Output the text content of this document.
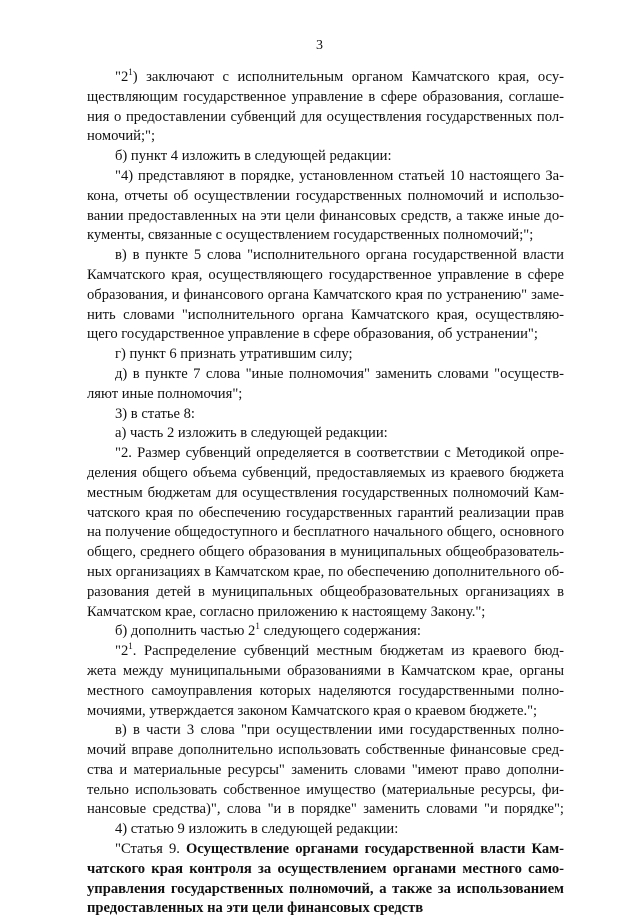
3
"$2^1$) заключают с исполнительным органом Камчатского края, осу-
ществляющим государственное управление в сфере образования, соглаше-
ния о предоставлении субвенций для осуществления государственных пол-
номочий;";
б) пункт 4 изложить в следующей редакции:
"4) представляют в порядке, установленном статьей 10 настоящего За-
кона, отчеты об осуществлении государственных полномочий и использо-
вании предоставленных на эти цели финансовых средств, а также иные до-
кументы, связанные с осуществлением государственных полномочий;";
в) в пункте 5 слова "исполнительного органа государственной власти
Камчатского края, осуществляющего государственное управление в сфере
образования, и финансового органа Камчатского края по устранению" заме-
нить словами "исполнительного органа Камчатского края, осуществляю-
щего государственное управление в сфере образования, об устранении";
г) пункт 6 признать утратившим силу;
д) в пункте 7 слова "иные полномочия" заменить словами "осуществ-
ляют иные полномочия";
3) в статье 8:
а) часть 2 изложить в следующей редакции:
"2. Размер субвенций определяется в соответствии с Методикой опре-
деления общего объема субвенций, предоставляемых из краевого бюджета
местным бюджетам для осуществления государственных полномочий Кам-
чатского края по обеспечению государственных гарантий реализации прав
на получение общедоступного и бесплатного начального общего, основного
общего, среднего общего образования в муниципальных общеобразователь-
ных организациях в Камчатском крае, по обеспечению дополнительного об-
разования детей в муниципальных общеобразовательных организациях в
Камчатском крае, согласно приложению к настоящему Закону.";
б) дополнить частью $2^1$ следующего содержания:
"$2^1$. Распределение субвенций местным бюджетам из краевого бюд-
жета между муниципальными образованиями в Камчатском крае, органы
местного самоуправления которых наделяются государственными полно-
мочиями, утверждается законом Камчатского края о краевом бюджете.";
в) в части 3 слова "при осуществлении ими государственных полно-
мочий вправе дополнительно использовать собственные финансовые сред-
ства и материальные ресурсы" заменить словами "имеют право дополни-
тельно использовать собственное имущество (материальные ресурсы, фи-
нансовые средства)", слова "и в порядке" заменить словами "и порядке";
4) статью 9 изложить в следующей редакции:
"Статья 9. Осуществление органами государственной власти Кам-
чатского края контроля за осуществлением органами местного само-
управления государственных полномочий, а также за использованием
предоставленных на эти цели финансовых средств
